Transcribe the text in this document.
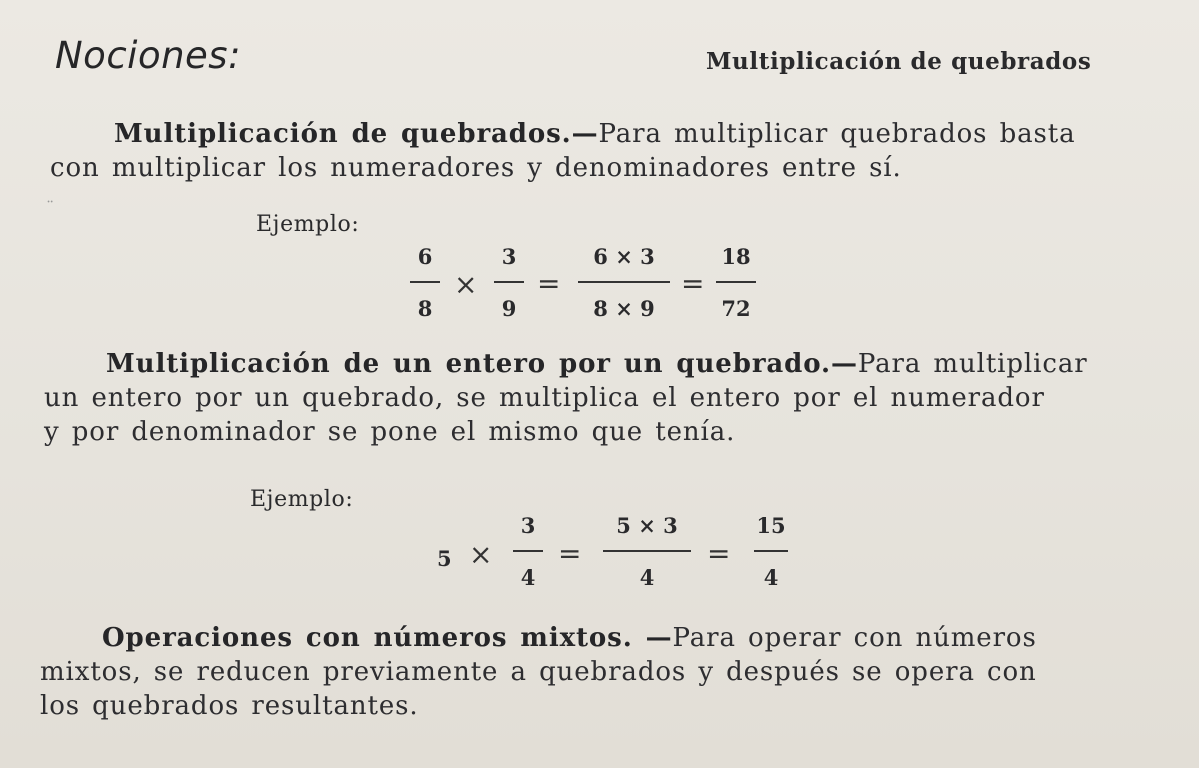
Nociones:	Multiplicación de quebrados
Multiplicación de quebrados.—Para multiplicar quebrados basta
con multiplicar los numeradores y denominadores entre sí.
ꞏꞏ
Ejemplo:
6
8
×
3
9
=
6 × 3
8 × 9
=
18
72
Multiplicación de un entero por un quebrado.—Para multiplicar
un entero por un quebrado, se multiplica el entero por el numerador
y por denominador se pone el mismo que tenía.
Ejemplo:
5 ×
3
4
=
5 × 3
4
=
15
4
Operaciones con números mixtos. —Para operar con números
mixtos, se reducen previamente a quebrados y después se opera con
los quebrados resultantes.
